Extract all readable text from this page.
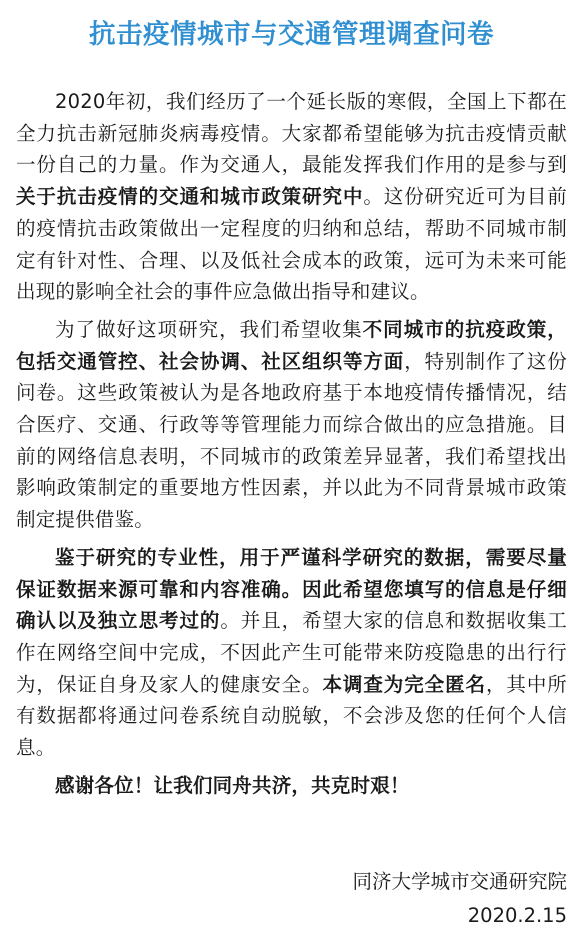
抗击疫情城市与交通管理调查问卷

2020年初，我们经历了一个延长版的寒假，全国上下都在全力抗击新冠肺炎病毒疫情。大家都希望能够为抗击疫情贡献一份自己的力量。作为交通人，最能发挥我们作用的是参与到关于抗击疫情的交通和城市政策研究中。这份研究近可为目前的疫情抗击政策做出一定程度的归纳和总结，帮助不同城市制定有针对性、合理、以及低社会成本的政策，远可为未来可能出现的影响全社会的事件应急做出指导和建议。

为了做好这项研究，我们希望收集不同城市的抗疫政策，包括交通管控、社会协调、社区组织等方面，特别制作了这份问卷。这些政策被认为是各地政府基于本地疫情传播情况，结合医疗、交通、行政等等管理能力而综合做出的应急措施。目前的网络信息表明，不同城市的政策差异显著，我们希望找出影响政策制定的重要地方性因素，并以此为不同背景城市政策制定提供借鉴。

鉴于研究的专业性，用于严谨科学研究的数据，需要尽量保证数据来源可靠和内容准确。因此希望您填写的信息是仔细确认以及独立思考过的。并且，希望大家的信息和数据收集工作在网络空间中完成，不因此产生可能带来防疫隐患的出行行为，保证自身及家人的健康安全。本调查为完全匿名，其中所有数据都将通过问卷系统自动脱敏，不会涉及您的任何个人信息。

感谢各位！让我们同舟共济，共克时艰！

同济大学城市交通研究院
2020.2.15
